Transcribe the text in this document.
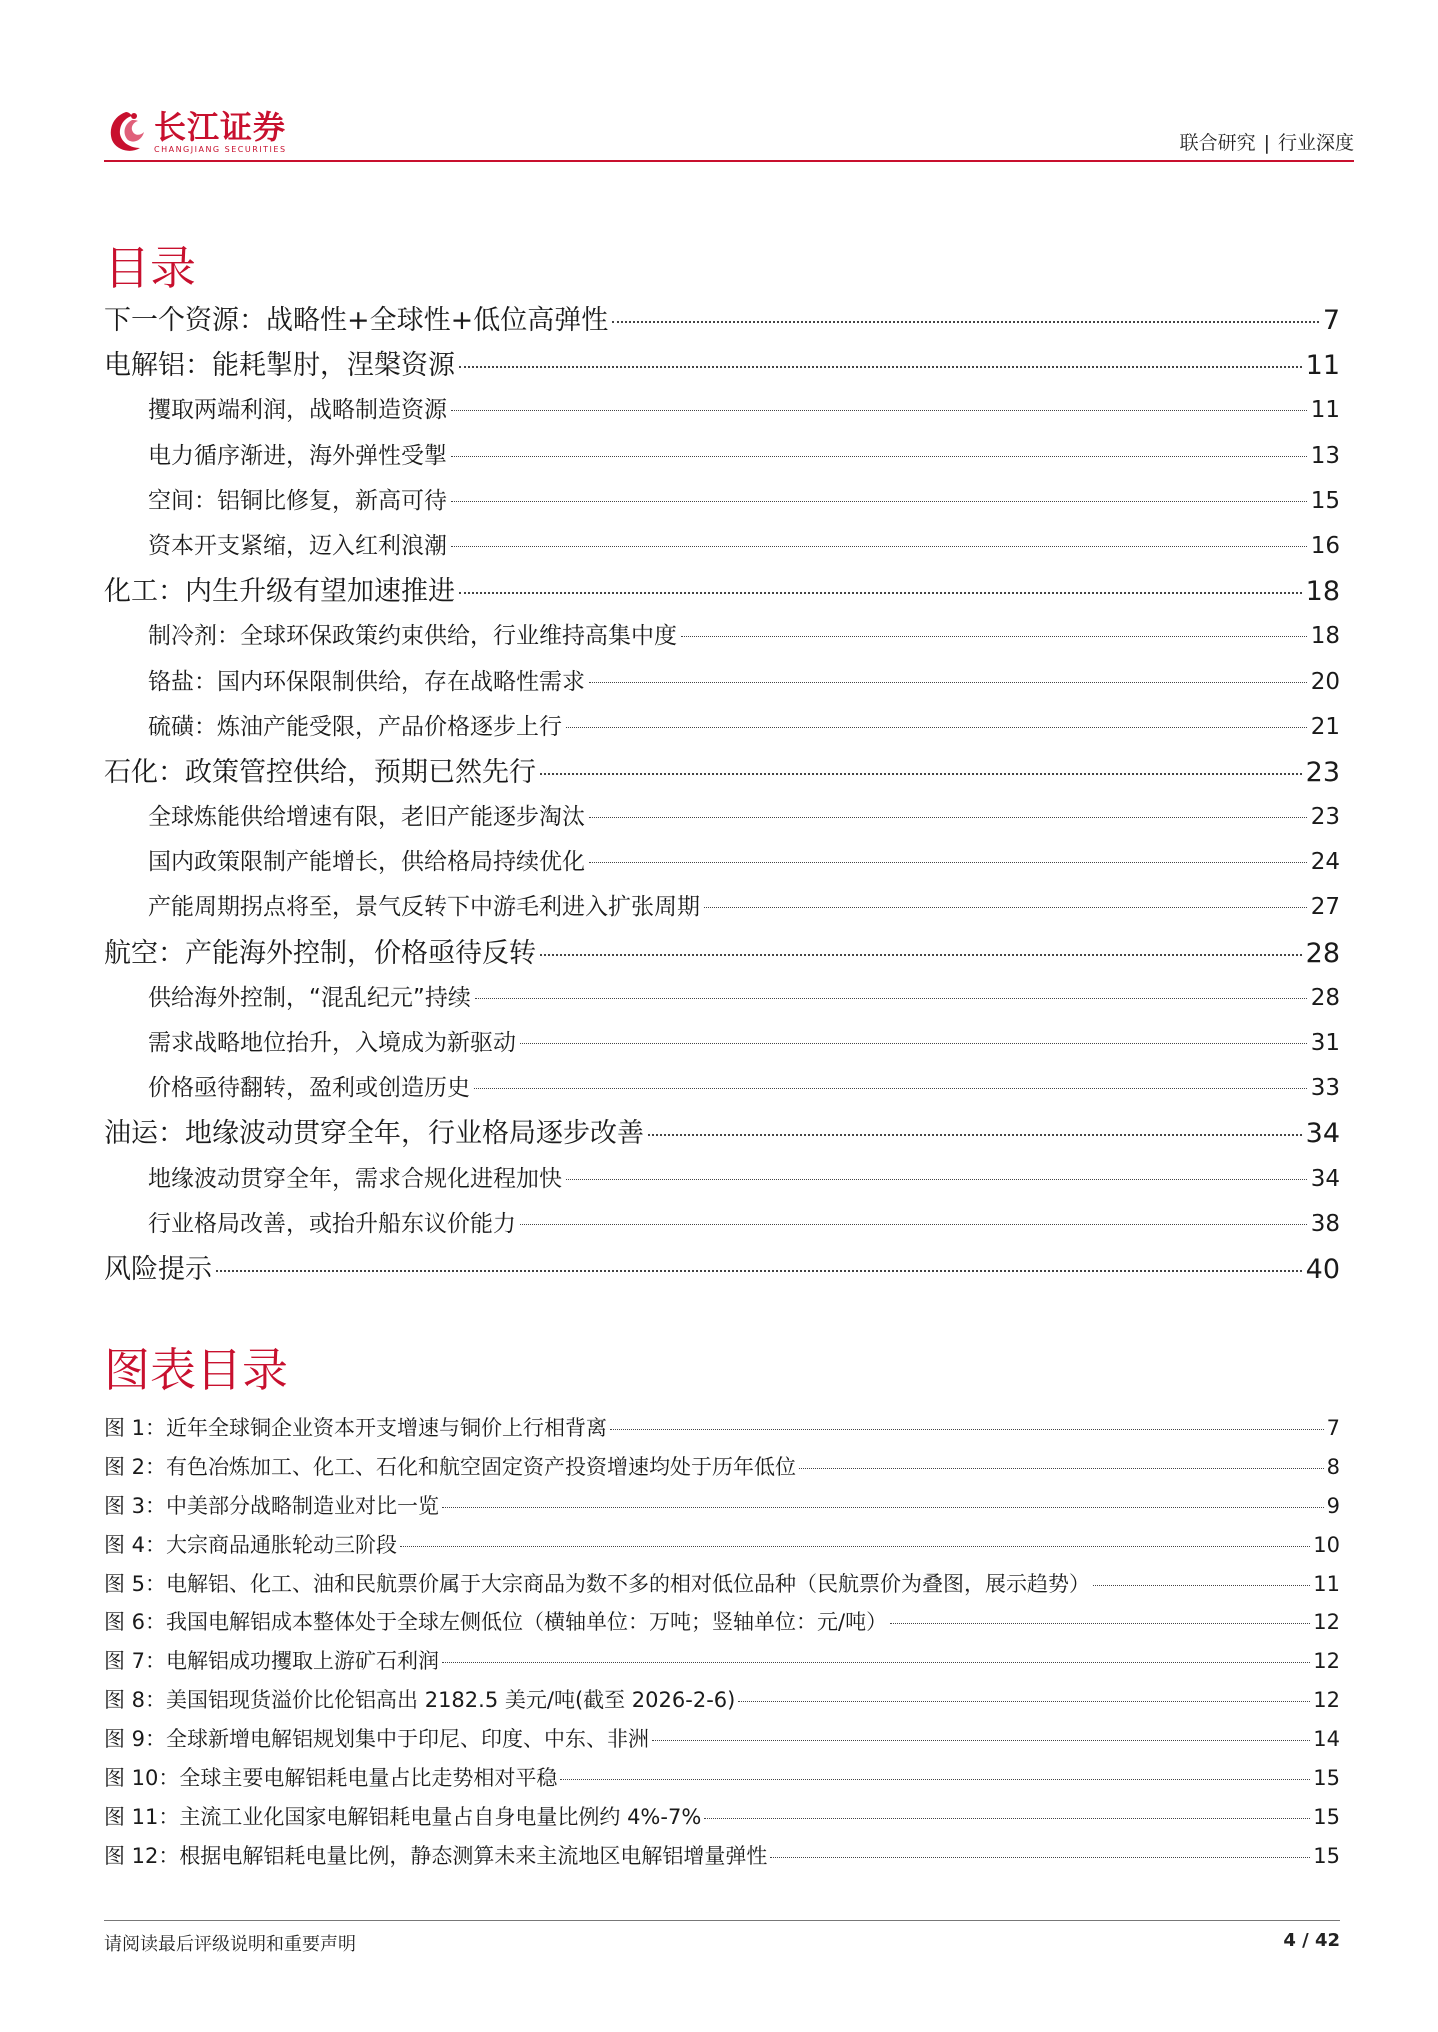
长江证券
CHANGJIANG SECURITIES	联合研究 | 行业深度
目录
下一个资源：战略性+全球性+低位高弹性	7
电解铝：能耗掣肘，涅槃资源	11
攫取两端利润，战略制造资源	11
电力循序渐进，海外弹性受掣	13
空间：铝铜比修复，新高可待	15
资本开支紧缩，迈入红利浪潮	16
化工：内生升级有望加速推进	18
制冷剂：全球环保政策约束供给，行业维持高集中度	18
铬盐：国内环保限制供给，存在战略性需求	20
硫磺：炼油产能受限，产品价格逐步上行	21
石化：政策管控供给，预期已然先行	23
全球炼能供给增速有限，老旧产能逐步淘汰	23
国内政策限制产能增长，供给格局持续优化	24
产能周期拐点将至，景气反转下中游毛利进入扩张周期	27
航空：产能海外控制，价格亟待反转	28
供给海外控制，“混乱纪元”持续	28
需求战略地位抬升，入境成为新驱动	31
价格亟待翻转，盈利或创造历史	33
油运：地缘波动贯穿全年，行业格局逐步改善	34
地缘波动贯穿全年，需求合规化进程加快	34
行业格局改善，或抬升船东议价能力	38
风险提示	40
图表目录
图 1：近年全球铜企业资本开支增速与铜价上行相背离	7
图 2：有色冶炼加工、化工、石化和航空固定资产投资增速均处于历年低位	8
图 3：中美部分战略制造业对比一览	9
图 4：大宗商品通胀轮动三阶段	10
图 5：电解铝、化工、油和民航票价属于大宗商品为数不多的相对低位品种（民航票价为叠图，展示趋势）	11
图 6：我国电解铝成本整体处于全球左侧低位（横轴单位：万吨；竖轴单位：元/吨）	12
图 7：电解铝成功攫取上游矿石利润	12
图 8：美国铝现货溢价比伦铝高出 2182.5 美元/吨(截至 2026-2-6)	12
图 9：全球新增电解铝规划集中于印尼、印度、中东、非洲	14
图 10：全球主要电解铝耗电量占比走势相对平稳	15
图 11：主流工业化国家电解铝耗电量占自身电量比例约 4%-7%	15
图 12：根据电解铝耗电量比例，静态测算未来主流地区电解铝增量弹性	15
请阅读最后评级说明和重要声明	4 / 42
